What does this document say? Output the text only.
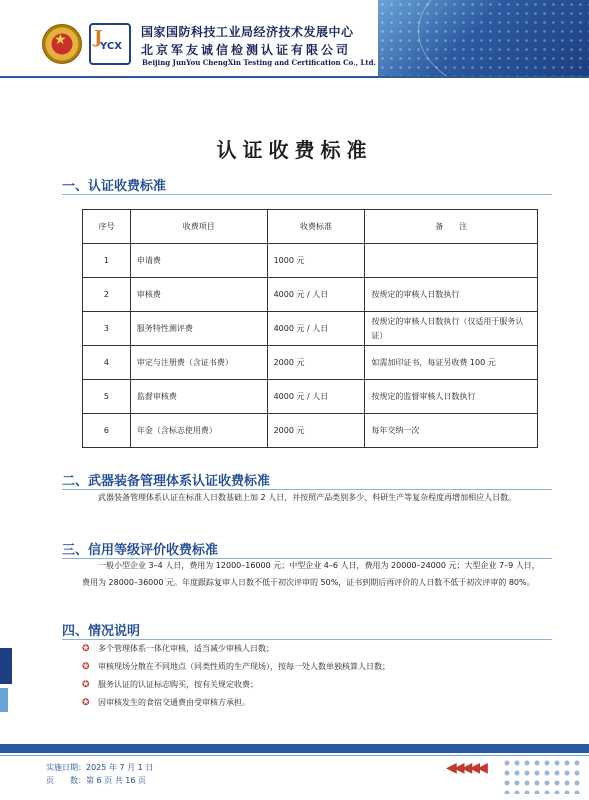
★ J
YCX
国家国防科技工业局经济技术发展中心
北京军友诚信检测认证有限公司
Beijing JunYou ChengXin Testing and Certification Co., Ltd.
认证收费标准
一、认证收费标准
序号	收费项目	收费标准	备　　注
1	申请费	1000 元	
2	审核费	4000 元 / 人日	按规定的审核人日数执行
3	服务特性测评费	4000 元 / 人日	按规定的审核人日数执行（仅适用于服务认证）
4	审定与注册费（含证书费）	2000 元	如需加印证书，每证另收费 100 元
5	监督审核费	4000 元 / 人日	按规定的监督审核人日数执行
6	年金（含标志使用费）	2000 元	每年交纳一次
二、武器装备管理体系认证收费标准
武器装备管理体系认证在标准人日数基础上加 2 人日，并按照产品类别多少、科研生产等复杂程度再增加相应人日数。
三、信用等级评价收费标准
一般小型企业 3–4 人日，费用为 12000–16000 元；中型企业 4–6 人日，费用为 20000–24000 元；大型企业 7–9 人日，费用为 28000–36000 元。年度跟踪复审人日数不低于初次评审的 50%，证书到期后再评价的人日数不低于初次评审的 80%。
四、情况说明
✪ 多个管理体系一体化审核，适当减少审核人日数；
✪ 审核现场分散在不同地点（同类性质的生产现场），按每一处人数单独核算人日数；
✪ 服务认证的认证标志购买，按有关规定收费；
✪ 因审核发生的食宿交通费由受审核方承担。
实施日期：2025 年 7 月 1 日
页　　数：第 6 页 共 16 页
◀◀◀◀◀
